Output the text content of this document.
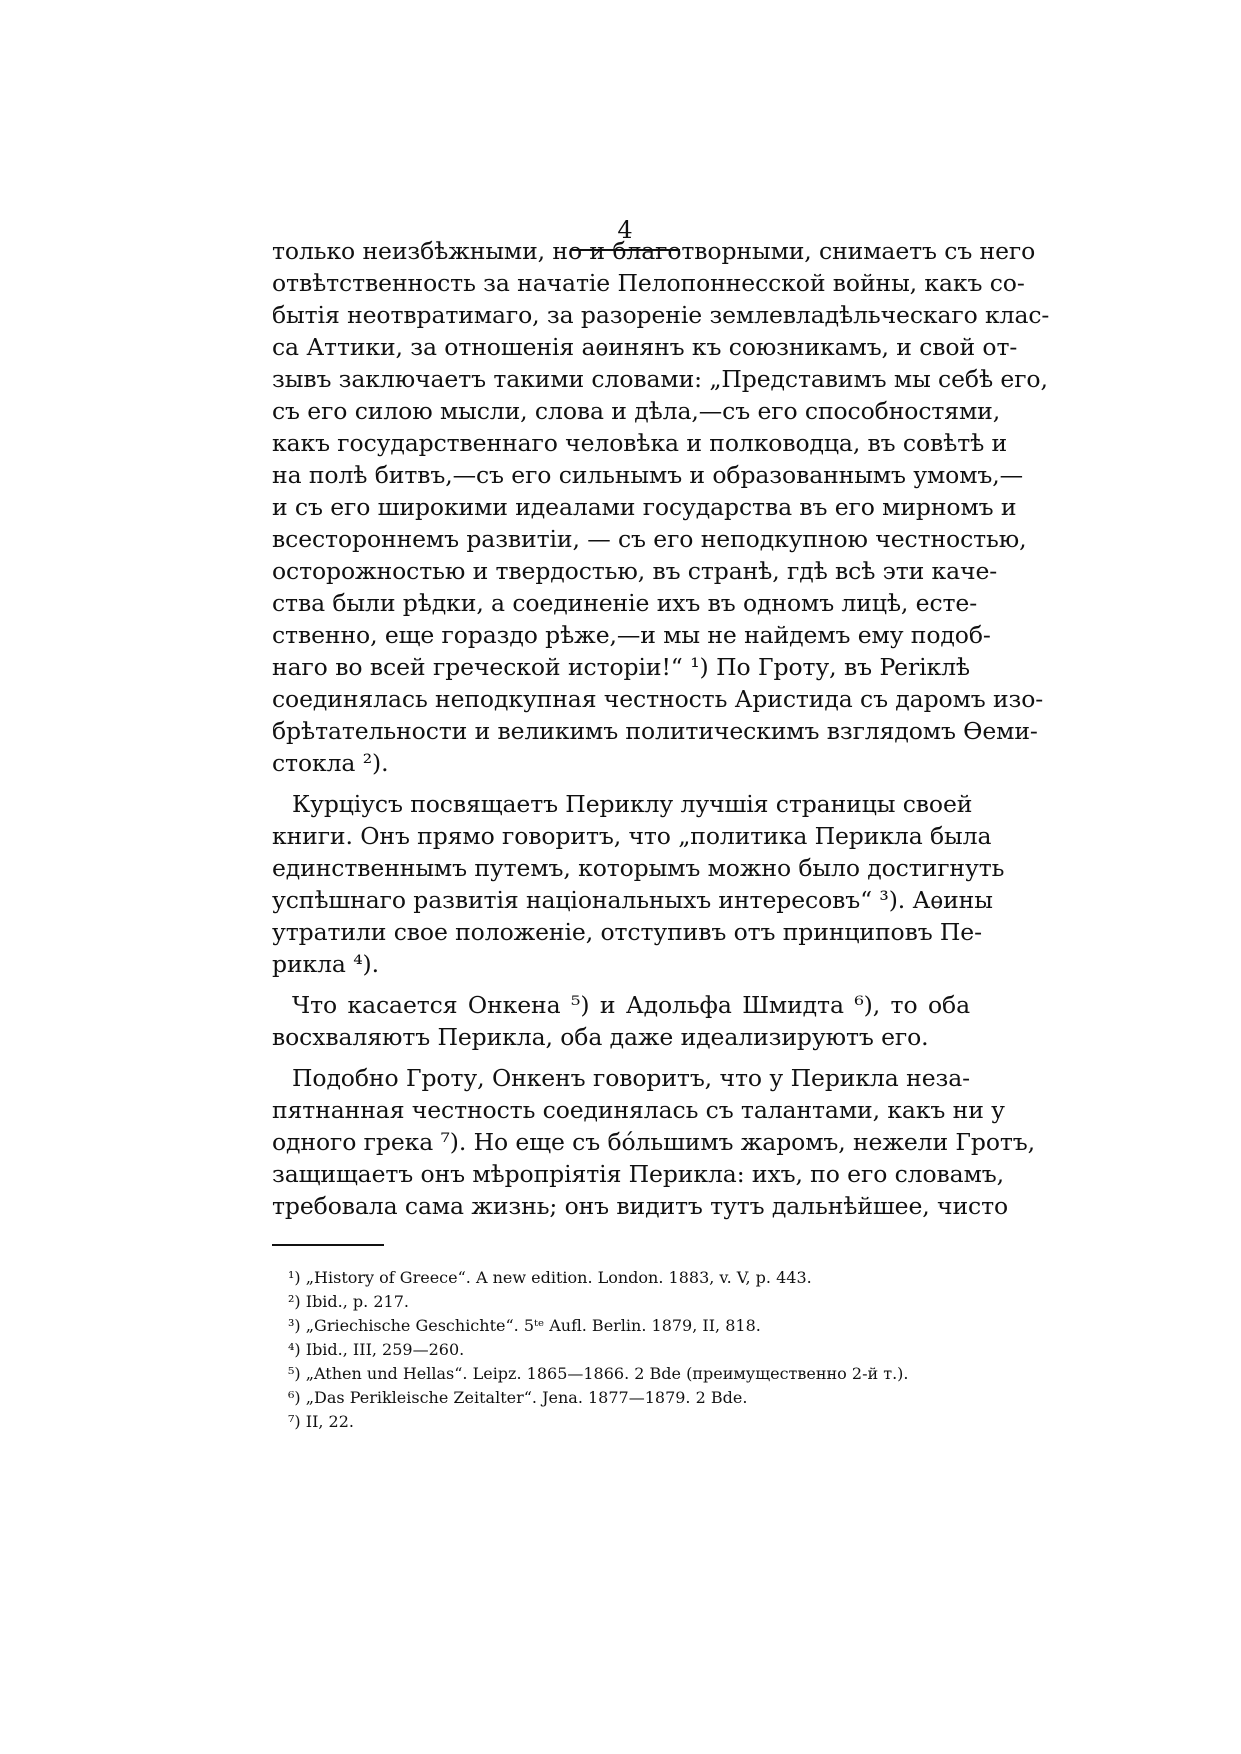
4
только неизбѣжными, но и благотворными, снимаетъ съ него
отвѣтственность за начатіе Пелопоннесской войны, какъ со-
бытія неотвратимаго, за разореніе землевладѣльческаго клас-
са Аттики, за отношенія аѳинянъ къ союзникамъ, и свой от-
зывъ заключаетъ такими словами: „Представимъ мы себѣ его,
съ его силою мысли, слова и дѣла,—съ его способностями,
какъ государственнаго человѣка и полководца, въ совѣтѣ и
на полѣ битвъ,—съ его сильнымъ и образованнымъ умомъ,—
и съ его широкими идеалами государства въ его мирномъ и
всестороннемъ развитіи, — съ его неподкупною честностью,
осторожностью и твердостью, въ странѣ, гдѣ всѣ эти каче-
ства были рѣдки, а соединеніе ихъ въ одномъ лицѣ, есте-
ственно, еще гораздо рѣже,—и мы не найдемъ ему подоб-
наго во всей греческой исторіи!“ ¹) По Гроту, въ Periклѣ
соединялась неподкупная честность Аристида съ даромъ изо-
брѣтательности и великимъ политическимъ взглядомъ Ѳеми-
стокла ²).
Курціусъ посвящаетъ Периклу лучшія страницы своей
книги. Онъ прямо говоритъ, что „политика Перикла была
единственнымъ путемъ, которымъ можно было достигнуть
успѣшнаго развитія національныхъ интересовъ“ ³). Аѳины
утратили свое положеніе, отступивъ отъ принциповъ Пе-
рикла ⁴).
Что касается Онкена ⁵) и Адольфа Шмидта ⁶), то оба
восхваляютъ Перикла, оба даже идеализируютъ его.
Подобно Гроту, Онкенъ говоритъ, что у Перикла неза-
пятнанная честность соединялась съ талантами, какъ ни у
одного грека ⁷). Но еще съ бóльшимъ жаромъ, нежели Гротъ,
защищаетъ онъ мѣропріятія Перикла: ихъ, по его словамъ,
требовала сама жизнь; онъ видитъ тутъ дальнѣйшее, чисто
¹) „History of Greece“. A new edition. London. 1883, v. V, p. 443.
²) Ibid., p. 217.
³) „Griechische Geschichte“. 5ᵗᵉ Aufl. Berlin. 1879, II, 818.
⁴) Ibid., III, 259—260.
⁵) „Athen und Hellas“. Leipz. 1865—1866. 2 Bde (преимущественно 2-й т.).
⁶) „Das Perikleische Zeitalter“. Jena. 1877—1879. 2 Bde.
⁷) II, 22.
